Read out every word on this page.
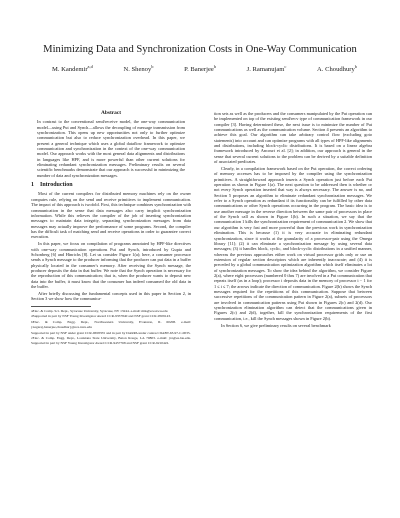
Minimizing Data and Synchronization Costs in One-Way Communication
M. Kandemir$^{a,d}$	N. Shenoy$^b$	P. Banerjee$^b$	J. Ramanujam$^c$	A. Choudhury$^b$
Abstract

In contrast to the conventional send/receive model, the one-way communication model—using Put and Synch—allows the decoupling of message transmission from synchronization. This opens up new opportunities not only to further optimize communication but also to reduce synchronization overhead. In this paper, we present a general technique which uses a global dataflow framework to optimize communication and synchronization in the context of the one-way communication model. Our approach works with the most general data alignments and distributions in languages like HPF, and is more powerful than other current solutions for eliminating redundant synchronization messages. Preliminary results on several scientific benchmarks demonstrate that our approach is successful in minimizing the number of data and synchronization messages.

1 Introduction

Most of the current compilers for distributed memory machines rely on the owner computes rule, relying on the send and receive primitives to implement communication. The impact of this approach is twofold. First, this technique combines synchronization with communication in the sense that data messages also carry implicit synchronization information. While this relieves the compiler of the job of inserting synchronization messages to maintain data integrity, separating synchronization messages from data messages may actually improve the performance of some programs. Second, the compiler has the difficult task of matching send and receive operations in order to guarantee correct execution.

In this paper, we focus on compilation of programs annotated by HPF-like directives with one-way communication operations Put and Synch, introduced by Gupta and Schonberg [6] and Hinrichs [8]. Let us consider Figure 1(a); here, a consumer processor sends a Synch message to the producer informing that the producer can put data in a buffer physically located in the consumer's memory. After receiving the Synch message, the producer deposits the data in that buffer. We note that the Synch operation is necessary for the reproduction of this communication; that is, when the producer wants to deposit new data into the buffer, it must know that the consumer has indeed consumed the old data in the buffer.

After briefly discussing the fundamental concepts used in this paper in Section 2, in Section 3 we show how the communica-

aElec. & Comp. Sci. Dept., Syracuse University, Syracuse, NY 13244. e-mail: mtk@ece.nwu.edu

dSupported in part by NSF Young Investigator Award CCR-9357840 and NSF grant CCR-9509143.

bElec. & Comp. Engg. Dept., Northwestern University, Evanston, IL 60208. e-mail: {nagaraj,banerjee,choudhar}@ece.nwu.edu

Supported in part by NSF under grant CCR-9658355 and in part by DARPA under contract DABT-63-97-C-0035.

cElec. & Comp. Engg. Dept., Louisiana State University, Baton Rouge, LA 70803. e-mail: jxr@ee.lsu.edu. Supported in part by NSF Young Investigator Award CCR-9457768 and NSF grant CCR-9210422.

tion sets as well as the producers and the consumers manipulated by the Put operation can be implemented on top of the existing send/recv type of communication framework in our compiler [3]. Having determined these, the next issue is to minimize the number of Put communications as well as the communication volume. Section 4 presents an algorithm to achieve this goal. Our algorithm can take arbitrary control flow (excluding goto statements) into account and can optimize programs with all types of HPF-like alignments and distributions, including block-cyclic distributions. It is based on a linear algebra framework introduced by Ancourt et al. [2]; in addition, our approach is general in the sense that several current solutions to the problem can be derived by a suitable definition of associated predicates.

Clearly, in a compilation framework based on the Put operation, the correct ordering of memory accesses has to be imposed by the compiler using the synchronization primitives. A straightforward approach inserts a Synch operation just before each Put operation as shown in Figure 1(a). The next question to be addressed then is whether or not every Synch operation inserted that way is always necessary. The answer is no, and Section 5 proposes an algorithm to eliminate redundant synchronization messages. We refer to a Synch operation as redundant if its functionality can be fulfilled by other data communications or other Synch operations occurring in the program. The basic idea is to use another message in the reverse direction between the same pair of processors in place of the Synch call as shown in Figure 1(b). In such a situation, we say that the communication 1 kills the synchronization requirement of communication 2. We show that our algorithm is very fast and more powerful than the previous work in synchronization elimination. This is because (1) it is very accurate in eliminating redundant synchronization, since it works at the granularity of a processor-pair using the Omega library [11]; (2) it can eliminate a synchronization message by using several data messages; (3) it handles block, cyclic, and block-cyclic distributions in a unified manner, whereas the previous approaches either work on virtual processor grids only or use an extension of regular section descriptors which are inherently inaccurate; and (4) it is preceded by a global communication optimization algorithm which itself eliminates a lot of synchronization messages. To show the idea behind the algorithm, we consider Figure 2(a), where eight processors (numbered 0 thru 7) are involved in a Put communication that repeats itself (as in a loop); processor i deposits data in the memory of processor i − 1 for 1 ≤ i ≤ 7; the arrows indicate the direction of communication. Figure 2(b) shows the Synch messages required for the repetitions of this communication. Suppose that between successive repetitions of the communication pattern in Figure 2(a), subsets of processors are involved in communication patterns using Put shown in Figures 2(c) and 2(d). Our synchronization elimination algorithm can detect that the communications given in Figures 2(c) and 2(d), together, kill the synchronization requirements of the first communication, i.e., kill the Synch messages shown in Figure 2(b).

In Section 6, we give preliminary results on several benchmark
